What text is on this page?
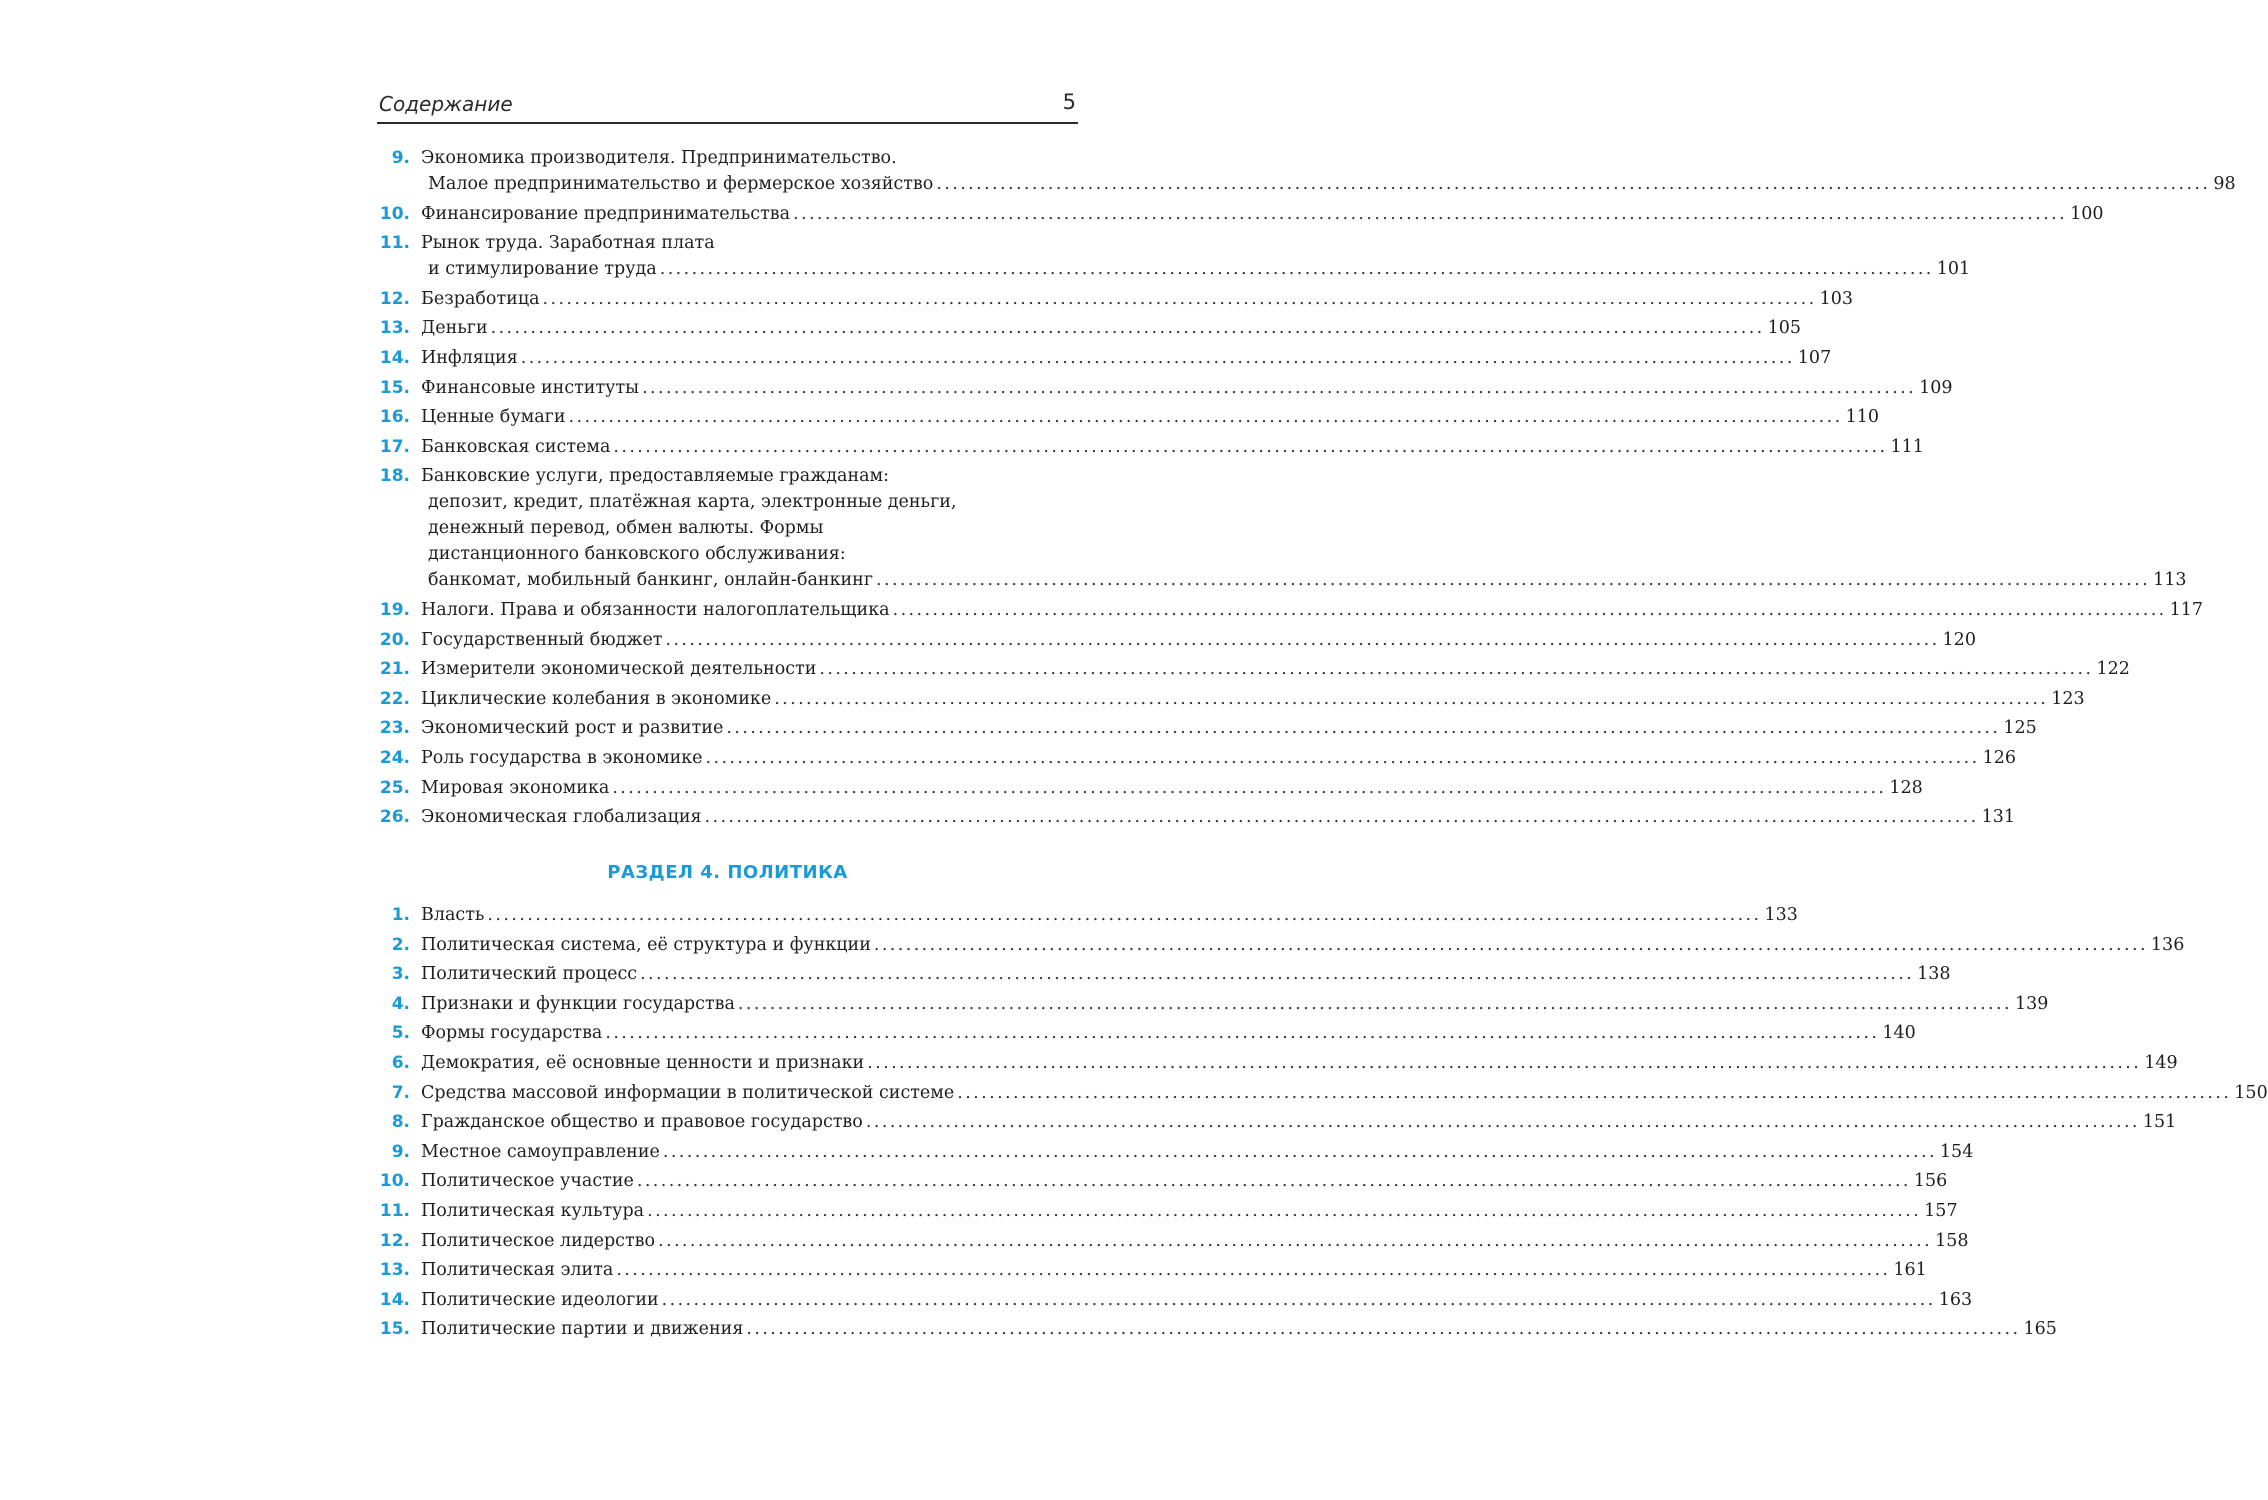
Содержание	5
9. Экономика производителя. Предпринимательство.
Малое предпринимательство и фермерское хозяйство ................................................................................................................................................................ 98
10. Финансирование предпринимательства ................................................................................................................................................................ 100
11. Рынок труда. Заработная плата
и стимулирование труда ................................................................................................................................................................ 101
12. Безработица ................................................................................................................................................................ 103
13. Деньги ................................................................................................................................................................ 105
14. Инфляция ................................................................................................................................................................ 107
15. Финансовые институты ................................................................................................................................................................ 109
16. Ценные бумаги ................................................................................................................................................................ 110
17. Банковская система ................................................................................................................................................................ 111
18. Банковские услуги, предоставляемые гражданам:
депозит, кредит, платёжная карта, электронные деньги,
денежный перевод, обмен валюты. Формы
дистанционного банковского обслуживания:
банкомат, мобильный банкинг, онлайн-банкинг ................................................................................................................................................................ 113
19. Налоги. Права и обязанности налогоплательщика ................................................................................................................................................................ 117
20. Государственный бюджет ................................................................................................................................................................ 120
21. Измерители экономической деятельности ................................................................................................................................................................ 122
22. Циклические колебания в экономике ................................................................................................................................................................ 123
23. Экономический рост и развитие ................................................................................................................................................................ 125
24. Роль государства в экономике ................................................................................................................................................................ 126
25. Мировая экономика ................................................................................................................................................................ 128
26. Экономическая глобализация ................................................................................................................................................................ 131
РАЗДЕЛ 4. ПОЛИТИКА
1. Власть ................................................................................................................................................................ 133
2. Политическая система, её структура и функции ................................................................................................................................................................ 136
3. Политический процесс ................................................................................................................................................................ 138
4. Признаки и функции государства ................................................................................................................................................................ 139
5. Формы государства ................................................................................................................................................................ 140
6. Демократия, её основные ценности и признаки ................................................................................................................................................................ 149
7. Средства массовой информации в политической системе ................................................................................................................................................................ 150
8. Гражданское общество и правовое государство ................................................................................................................................................................ 151
9. Местное самоуправление ................................................................................................................................................................ 154
10. Политическое участие ................................................................................................................................................................ 156
11. Политическая культура ................................................................................................................................................................ 157
12. Политическое лидерство ................................................................................................................................................................ 158
13. Политическая элита ................................................................................................................................................................ 161
14. Политические идеологии ................................................................................................................................................................ 163
15. Политические партии и движения ................................................................................................................................................................ 165
